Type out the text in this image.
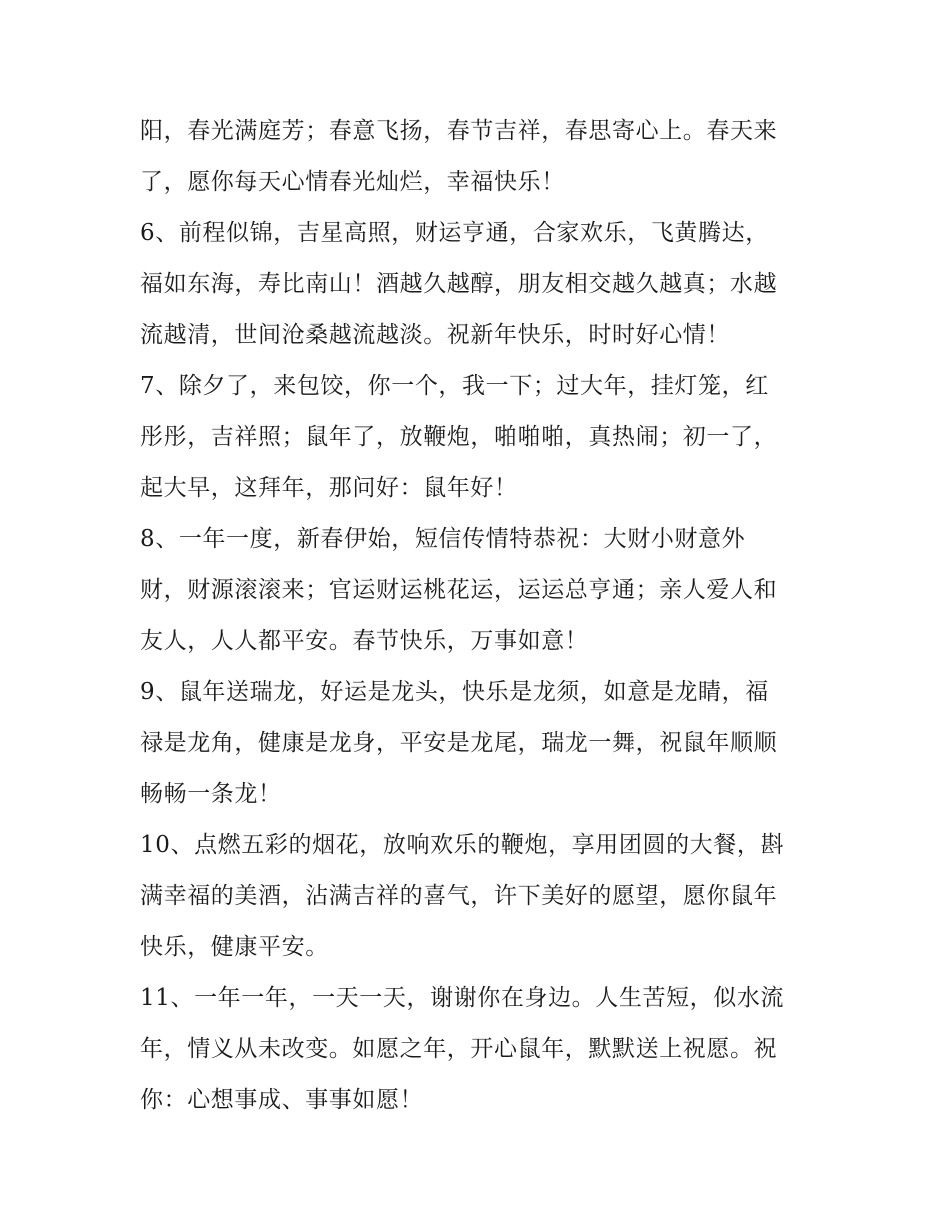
阳，春光满庭芳；春意飞扬，春节吉祥，春思寄心上。春天来
了，愿你每天心情春光灿烂，幸福快乐！
6、前程似锦，吉星高照，财运亨通，合家欢乐，飞黄腾达，
福如东海，寿比南山！酒越久越醇，朋友相交越久越真；水越
流越清，世间沧桑越流越淡。祝新年快乐，时时好心情！
7、除夕了，来包饺，你一个，我一下；过大年，挂灯笼，红
彤彤，吉祥照；鼠年了，放鞭炮，啪啪啪，真热闹；初一了，
起大早，这拜年，那问好：鼠年好！
8、一年一度，新春伊始，短信传情特恭祝：大财小财意外
财，财源滚滚来；官运财运桃花运，运运总亨通；亲人爱人和
友人，人人都平安。春节快乐，万事如意！
9、鼠年送瑞龙，好运是龙头，快乐是龙须，如意是龙睛，福
禄是龙角，健康是龙身，平安是龙尾，瑞龙一舞，祝鼠年顺顺
畅畅一条龙！
10、点燃五彩的烟花，放响欢乐的鞭炮，享用团圆的大餐，斟
满幸福的美酒，沾满吉祥的喜气，许下美好的愿望，愿你鼠年
快乐，健康平安。
11、一年一年，一天一天，谢谢你在身边。人生苦短，似水流
年，情义从未改变。如愿之年，开心鼠年，默默送上祝愿。祝
你：心想事成、事事如愿！
